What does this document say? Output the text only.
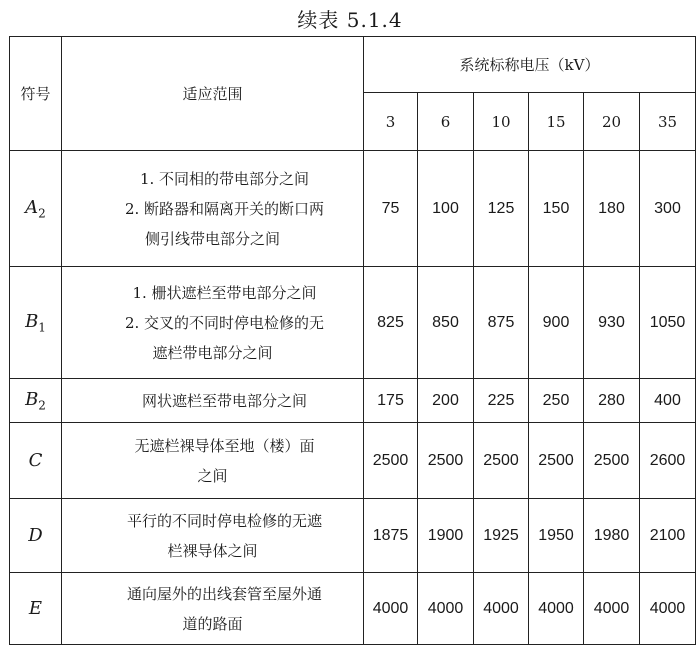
续表 5.1.4
符号	适应范围	系统标称电压（kV）					
		3	6	10	15	20	35
$A_2$	1. 不同相的带电部分之间
2. 断路器和隔离开关的断口两
侧引线带电部分之间	75	100	125	150	180	300
$B_1$	1. 栅状遮栏至带电部分之间
2. 交叉的不同时停电检修的无
遮栏带电部分之间	825	850	875	900	930	1050
$B_2$	网状遮栏至带电部分之间	175	200	225	250	280	400
C	无遮栏裸导体至地（楼）面
之间	2500	2500	2500	2500	2500	2600
D	平行的不同时停电检修的无遮
栏裸导体之间	1875	1900	1925	1950	1980	2100
E	通向屋外的出线套管至屋外通
道的路面	4000	4000	4000	4000	4000	4000
